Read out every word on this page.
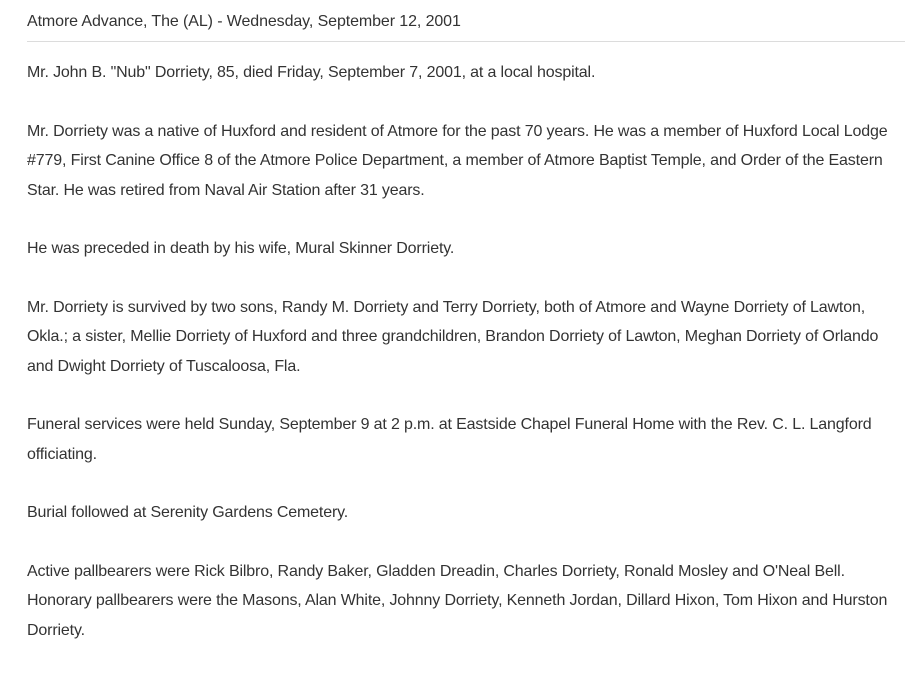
Atmore Advance, The (AL) - Wednesday, September 12, 2001

Mr. John B. "Nub" Dorriety, 85, died Friday, September 7, 2001, at a local hospital.

Mr. Dorriety was a native of Huxford and resident of Atmore for the past 70 years. He was a member of Huxford Local Lodge #779, First Canine Office 8 of the Atmore Police Department, a member of Atmore Baptist Temple, and Order of the Eastern Star. He was retired from Naval Air Station after 31 years.

He was preceded in death by his wife, Mural Skinner Dorriety.

Mr. Dorriety is survived by two sons, Randy M. Dorriety and Terry Dorriety, both of Atmore and Wayne Dorriety of Lawton, Okla.; a sister, Mellie Dorriety of Huxford and three grandchildren, Brandon Dorriety of Lawton, Meghan Dorriety of Orlando and Dwight Dorriety of Tuscaloosa, Fla.

Funeral services were held Sunday, September 9 at 2 p.m. at Eastside Chapel Funeral Home with the Rev. C. L. Langford officiating.

Burial followed at Serenity Gardens Cemetery.

Active pallbearers were Rick Bilbro, Randy Baker, Gladden Dreadin, Charles Dorriety, Ronald Mosley and O'Neal Bell. Honorary pallbearers were the Masons, Alan White, Johnny Dorriety, Kenneth Jordan, Dillard Hixon, Tom Hixon and Hurston Dorriety.
